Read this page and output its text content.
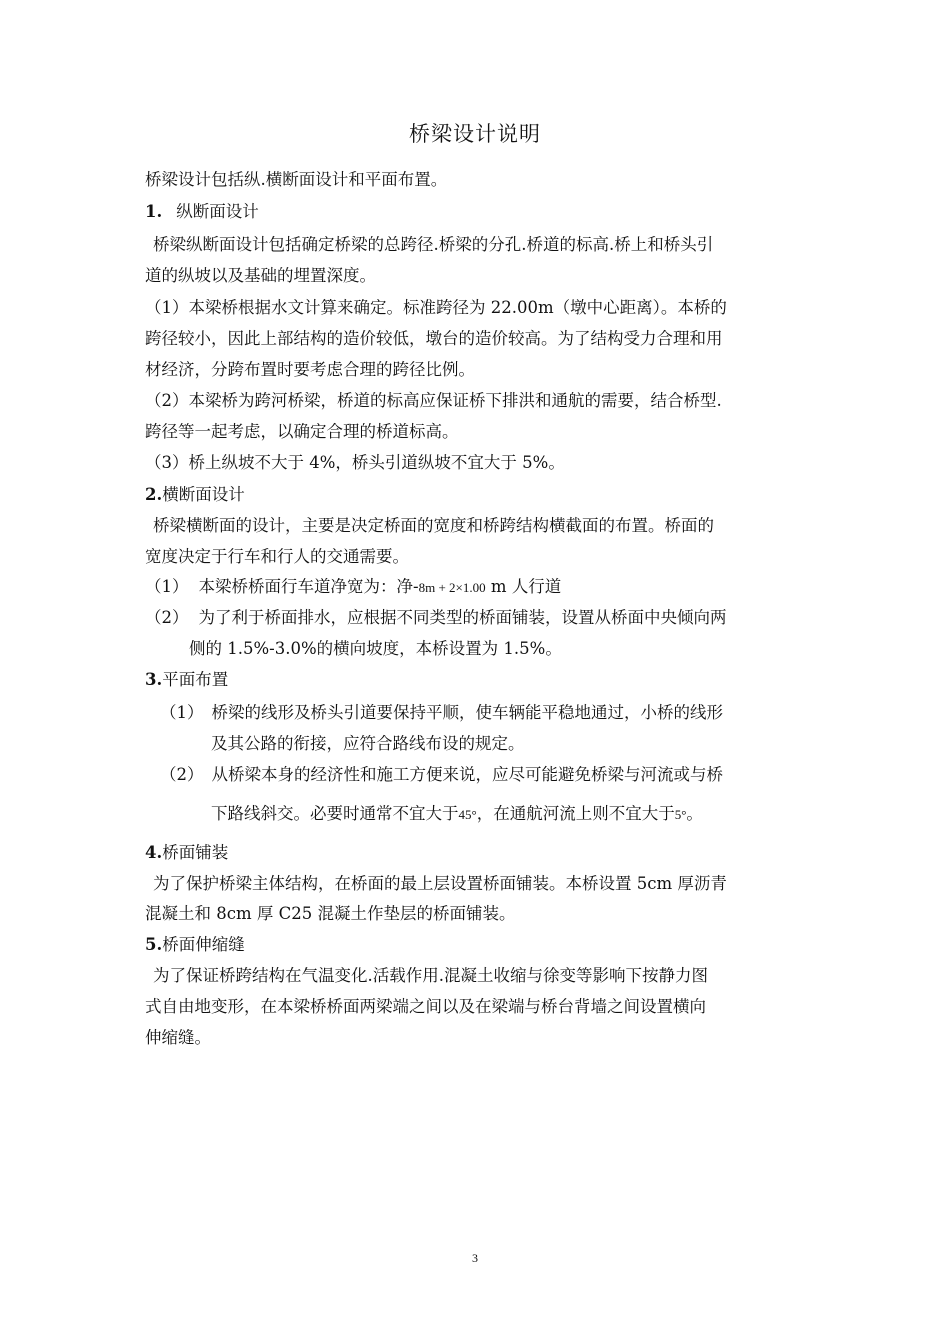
桥梁设计说明
桥梁设计包括纵.横断面设计和平面布置。
1. 纵断面设计
桥梁纵断面设计包括确定桥梁的总跨径.桥梁的分孔.桥道的标高.桥上和桥头引
道的纵坡以及基础的埋置深度。
（1）本梁桥根据水文计算来确定。标准跨径为 22.00m（墩中心距离）。本桥的
跨径较小，因此上部结构的造价较低，墩台的造价较高。为了结构受力合理和用
材经济，分跨布置时要考虑合理的跨径比例。
（2）本梁桥为跨河桥梁，桥道的标高应保证桥下排洪和通航的需要，结合桥型.
跨径等一起考虑，以确定合理的桥道标高。
（3）桥上纵坡不大于 4%，桥头引道纵坡不宜大于 5%。
2.横断面设计
桥梁横断面的设计，主要是决定桥面的宽度和桥跨结构横截面的布置。桥面的
宽度决定于行车和行人的交通需要。
（1） 本梁桥桥面行车道净宽为：净-8m + 2×1.00 m 人行道
（2） 为了利于桥面排水，应根据不同类型的桥面铺装，设置从桥面中央倾向两
侧的 1.5%-3.0%的横向坡度，本桥设置为 1.5%。
3.平面布置
（1） 桥梁的线形及桥头引道要保持平顺，使车辆能平稳地通过，小桥的线形
及其公路的衔接，应符合路线布设的规定。
（2） 从桥梁本身的经济性和施工方便来说，应尽可能避免桥梁与河流或与桥
下路线斜交。必要时通常不宜大于45°，在通航河流上则不宜大于5°。
4.桥面铺装
为了保护桥梁主体结构，在桥面的最上层设置桥面铺装。本桥设置 5cm 厚沥青
混凝土和 8cm 厚 C25 混凝土作垫层的桥面铺装。
5.桥面伸缩缝
为了保证桥跨结构在气温变化.活载作用.混凝土收缩与徐变等影响下按静力图
式自由地变形，在本梁桥桥面两梁端之间以及在梁端与桥台背墙之间设置横向
伸缩缝。
3
